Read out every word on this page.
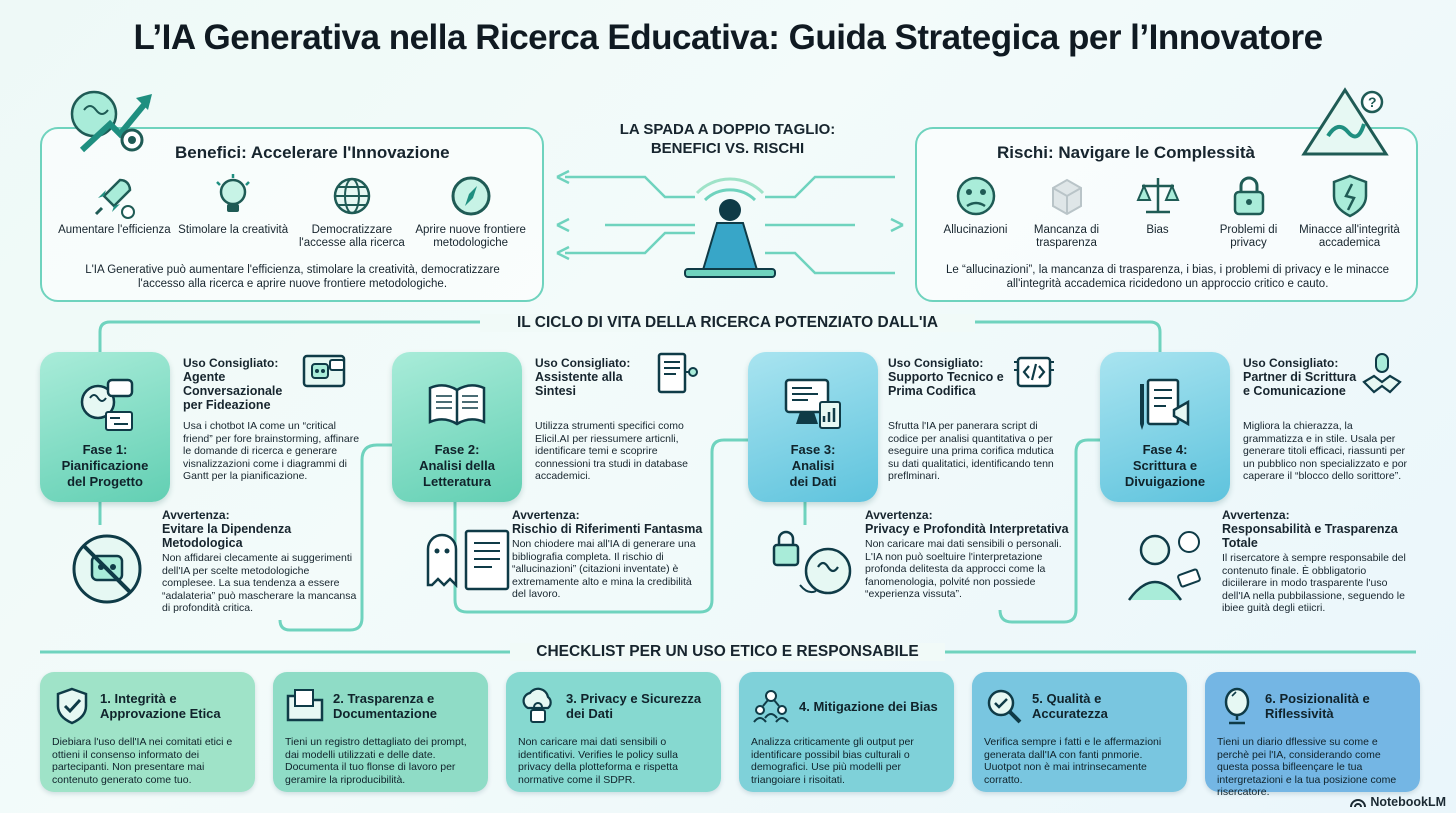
L’IA Generativa nella Ricerca Educativa: Guida Strategica per l’Innovatore
Benefici: Accelerare l'Innovazione
Aumentare l'efficienza Stimolare la creatività	Democratizzare l'accesse alla ricerca
Aprire nuove frontiere metodologiche
L'IA Generative può aumentare l'efficienza, stimolare la creatività, democratizzare l'accesso alla ricerca e aprire nuove frontiere metodologiche.
LA SPADA A DOPPIO TAGLIO:
BENEFICI VS. RISCHI
?
Rischi: Navigare le Complessità
Allucinazioni	Mancanza di trasparenza
Bias	Problemi di privacy
Minacce all'integrità accademica
Le “allucinazioni”, la mancanza di trasparenza, i bias, i problemi di privacy e le minacce all'integrità accademica ricidedono un approccio critico e cauto.
IL CICLO DI VITA DELLA RICERCA POTENZIATO DALL'IA
Fase 1:
Pianificazione
del Progetto
Uso Consigliato:
Agente Conversazionale per Fideazione
Usa i chotbot IA come un “critical friend” per fore brainstorming, affinare le domande di ricerca e generare visnalizzazioni come i diagrammi di Gantt per la pianificazione.
Avvertenza:
Evitare la Dipendenza Metodologica
Non affidarei clecamente ai suggerimenti dell'IA per scelte metodologiche complesee. La sua tendenza a essere “adalateria” può mascherare la mancansa di profondità critica.
Fase 2:
Analisi della
Letteratura
Uso Consigliato:
Assistente alla Sintesi
Utilizza strumenti specifici como Elicil.AI per riessumere articnli, identificare temi e scoprire connessioni tra studi in database accademici.
Avvertenza:
Rischio di Riferimenti Fantasma
Non chiodere mai all'IA di generare una bibliografia completa. Il rischio di “allucinazioni” (citazioni inventate) è extremamente alto e mina la credibilità del lavoro.
Fase 3:
Analisi
dei Dati
Uso Consigliato:
Supporto Tecnico e Prima Codifica
Sfrutta l'IA per panerara script di codice per analisi quantitativa o per eseguire una prima corifica mdutica su dati qualitatici, identificando tenn preflminari.
Avvertenza:
Privacy e Profondità Interpretativa
Non caricare mai dati sensibili o personali. L'IA non può soeltuire l'interpretazione profonda delitesta da approcci come la fanomenologia, polvité non possiede “experienza vissuta”.
Fase 4:
Scrittura e
Divuigazione
Uso Consigliato:
Partner di Scrittura e Comunicazione
Migliora la chierazza, la grammatizza e in stile. Usala per generare titoli efficaci, riassunti per un pubblico non specializzato e por caperare il “blocco dello sorittore”.
Avvertenza:
Responsabilità e Trasparenza Totale
Il risercatore à sempre responsabile del contenuto finale. È obbligatorio diciilerare in modo trasparente l'uso dell'IA nella pubbilassione, seguendo le ibiee guità degli etiicri.
CHECKLIST PER UN USO ETICO E RESPONSABILE
1. Integrità e Approvazione Etica
Diebiara l'uso dell'IA nei comitati etici e ottieni il consenso informato dei partecipanti. Non presentare mai contenuto generato come tuo.
2. Trasparenza e Documentazione
Tieni un registro dettagliato dei prompt, dai modelli utilizzati e delle date. Documenta il tuo flonse di lavoro per geramire la riproducibilità.
3. Privacy e Sicurezza dei Dati
Non caricare mai dati sensibili o identificativi. Verifies le policy sulla privacy della plotteforma e rispetta normative come il SDPR.
4. Mitigazione dei Bias
Analizza criticamente gli output per identificare possibil bias culturali o demografici. Use più modelli per triangoiare i risoitati.
5. Qualità e Accuratezza
Verifica sempre i fatti e le affermazioni generata dall'IA con fanti pnmorie. Uuotpot non è mai intrinsecamente corratto.
6. Posizionalità e Riflessività
Tieni un diario dflessive su come e perchè pei l'IA, considerando come questa possa bifleençare le tua intergretazioni e la tua posizione come risercatore.
NotebookLM
